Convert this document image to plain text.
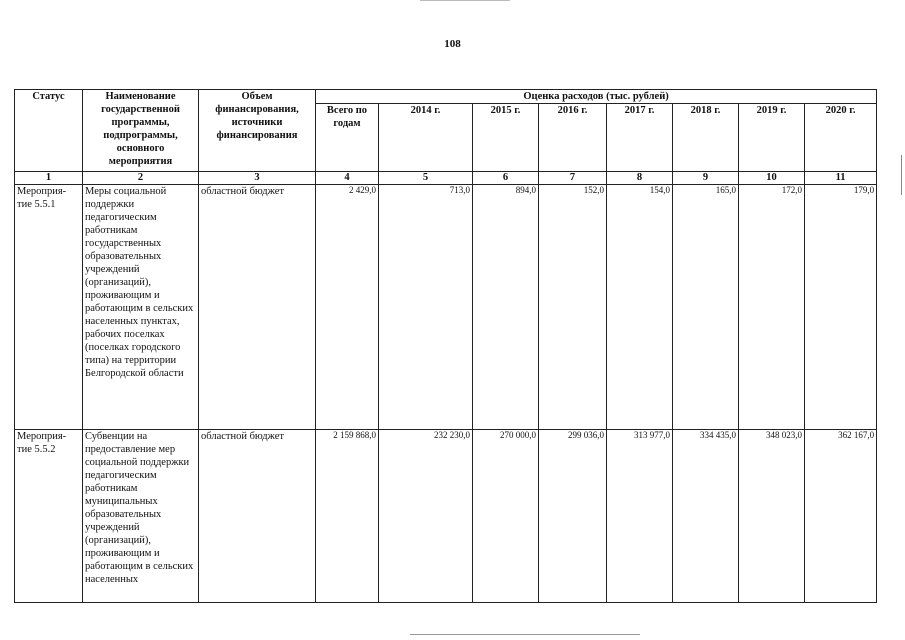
108
Статус	Наименование государственной программы, подпрограммы, основного мероприятия	Объем финансирования, источники финансирования	Оценка расходов (тыс. рублей)							
			Всего по годам	2014 г.	2015 г.	2016 г.	2017 г.	2018 г.	2019 г.	2020 г.
1	2	3	4	5	6	7	8	9	10	11
Мероприя-тие 5.5.1	Меры социальной поддержки педагогическим работникам государственных образовательных учреждений (организаций), проживающим и работающим в сельских населенных пунктах, рабочих поселках (поселках городского типа) на территории Белгородской области	областной бюджет	2 429,0	713,0	894,0	152,0	154,0	165,0	172,0	179,0
Мероприя-тие 5.5.2	Субвенции на предоставление мер социальной поддержки педагогическим работникам муниципальных образовательных учреждений (организаций), проживающим и работающим в сельских населенных	областной бюджет	2 159 868,0	232 230,0	270 000,0	299 036,0	313 977,0	334 435,0	348 023,0	362 167,0
